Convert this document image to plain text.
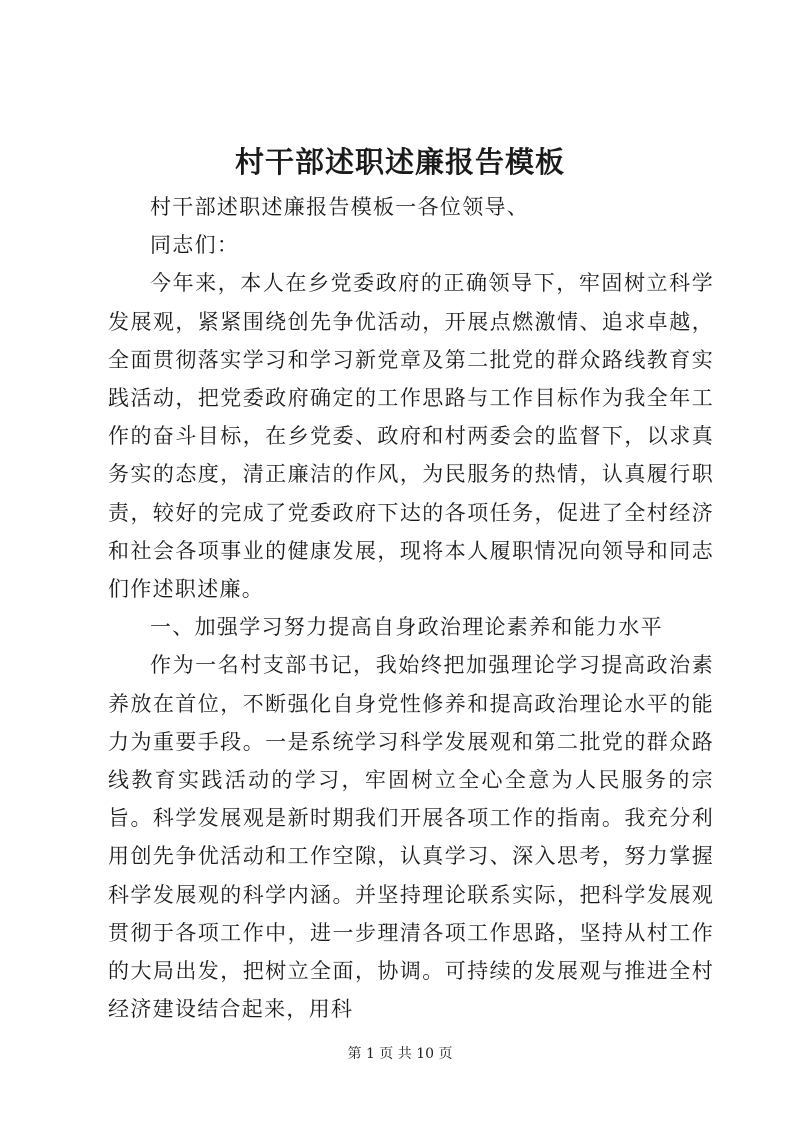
村干部述职述廉报告模板

村干部述职述廉报告模板一各位领导、

同志们：

今年来，本人在乡党委政府的正确领导下，牢固树立科学发展观，紧紧围绕创先争优活动，开展点燃激情、追求卓越，全面贯彻落实学习和学习新党章及第二批党的群众路线教育实践活动，把党委政府确定的工作思路与工作目标作为我全年工作的奋斗目标，在乡党委、政府和村两委会的监督下，以求真务实的态度，清正廉洁的作风，为民服务的热情，认真履行职责，较好的完成了党委政府下达的各项任务，促进了全村经济和社会各项事业的健康发展，现将本人履职情况向领导和同志们作述职述廉。

一、加强学习努力提高自身政治理论素养和能力水平

作为一名村支部书记，我始终把加强理论学习提高政治素养放在首位，不断强化自身党性修养和提高政治理论水平的能力为重要手段。一是系统学习科学发展观和第二批党的群众路线教育实践活动的学习，牢固树立全心全意为人民服务的宗旨。科学发展观是新时期我们开展各项工作的指南。我充分利用创先争优活动和工作空隙，认真学习、深入思考，努力掌握科学发展观的科学内涵。并坚持理论联系实际，把科学发展观贯彻于各项工作中，进一步理清各项工作思路，坚持从村工作的大局出发，把树立全面，协调。可持续的发展观与推进全村经济建设结合起来，用科

第 1 页 共 10 页
